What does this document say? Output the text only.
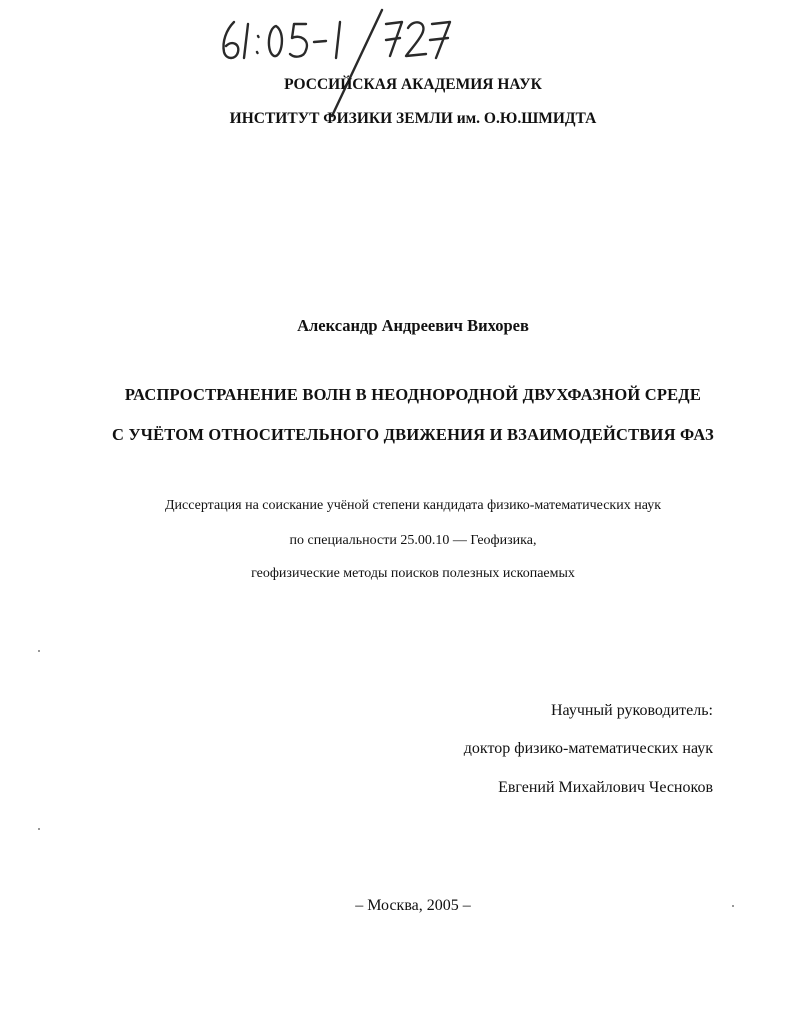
61:05-1/727
РОССИЙСКАЯ АКАДЕМИЯ НАУК
ИНСТИТУТ ФИЗИКИ ЗЕМЛИ им. О.Ю.ШМИДТА
Александр Андреевич Вихорев
РАСПРОСТРАНЕНИЕ ВОЛН В НЕОДНОРОДНОЙ ДВУХФАЗНОЙ СРЕДЕ
С УЧЁТОМ ОТНОСИТЕЛЬНОГО ДВИЖЕНИЯ И ВЗАИМОДЕЙСТВИЯ ФАЗ
Диссертация на соискание учёной степени кандидата физико-математических наук
по специальности 25.00.10 — Геофизика,
геофизические методы поисков полезных ископаемых
Научный руководитель:
доктор физико-математических наук
Евгений Михайлович Чесноков
– Москва, 2005 –
